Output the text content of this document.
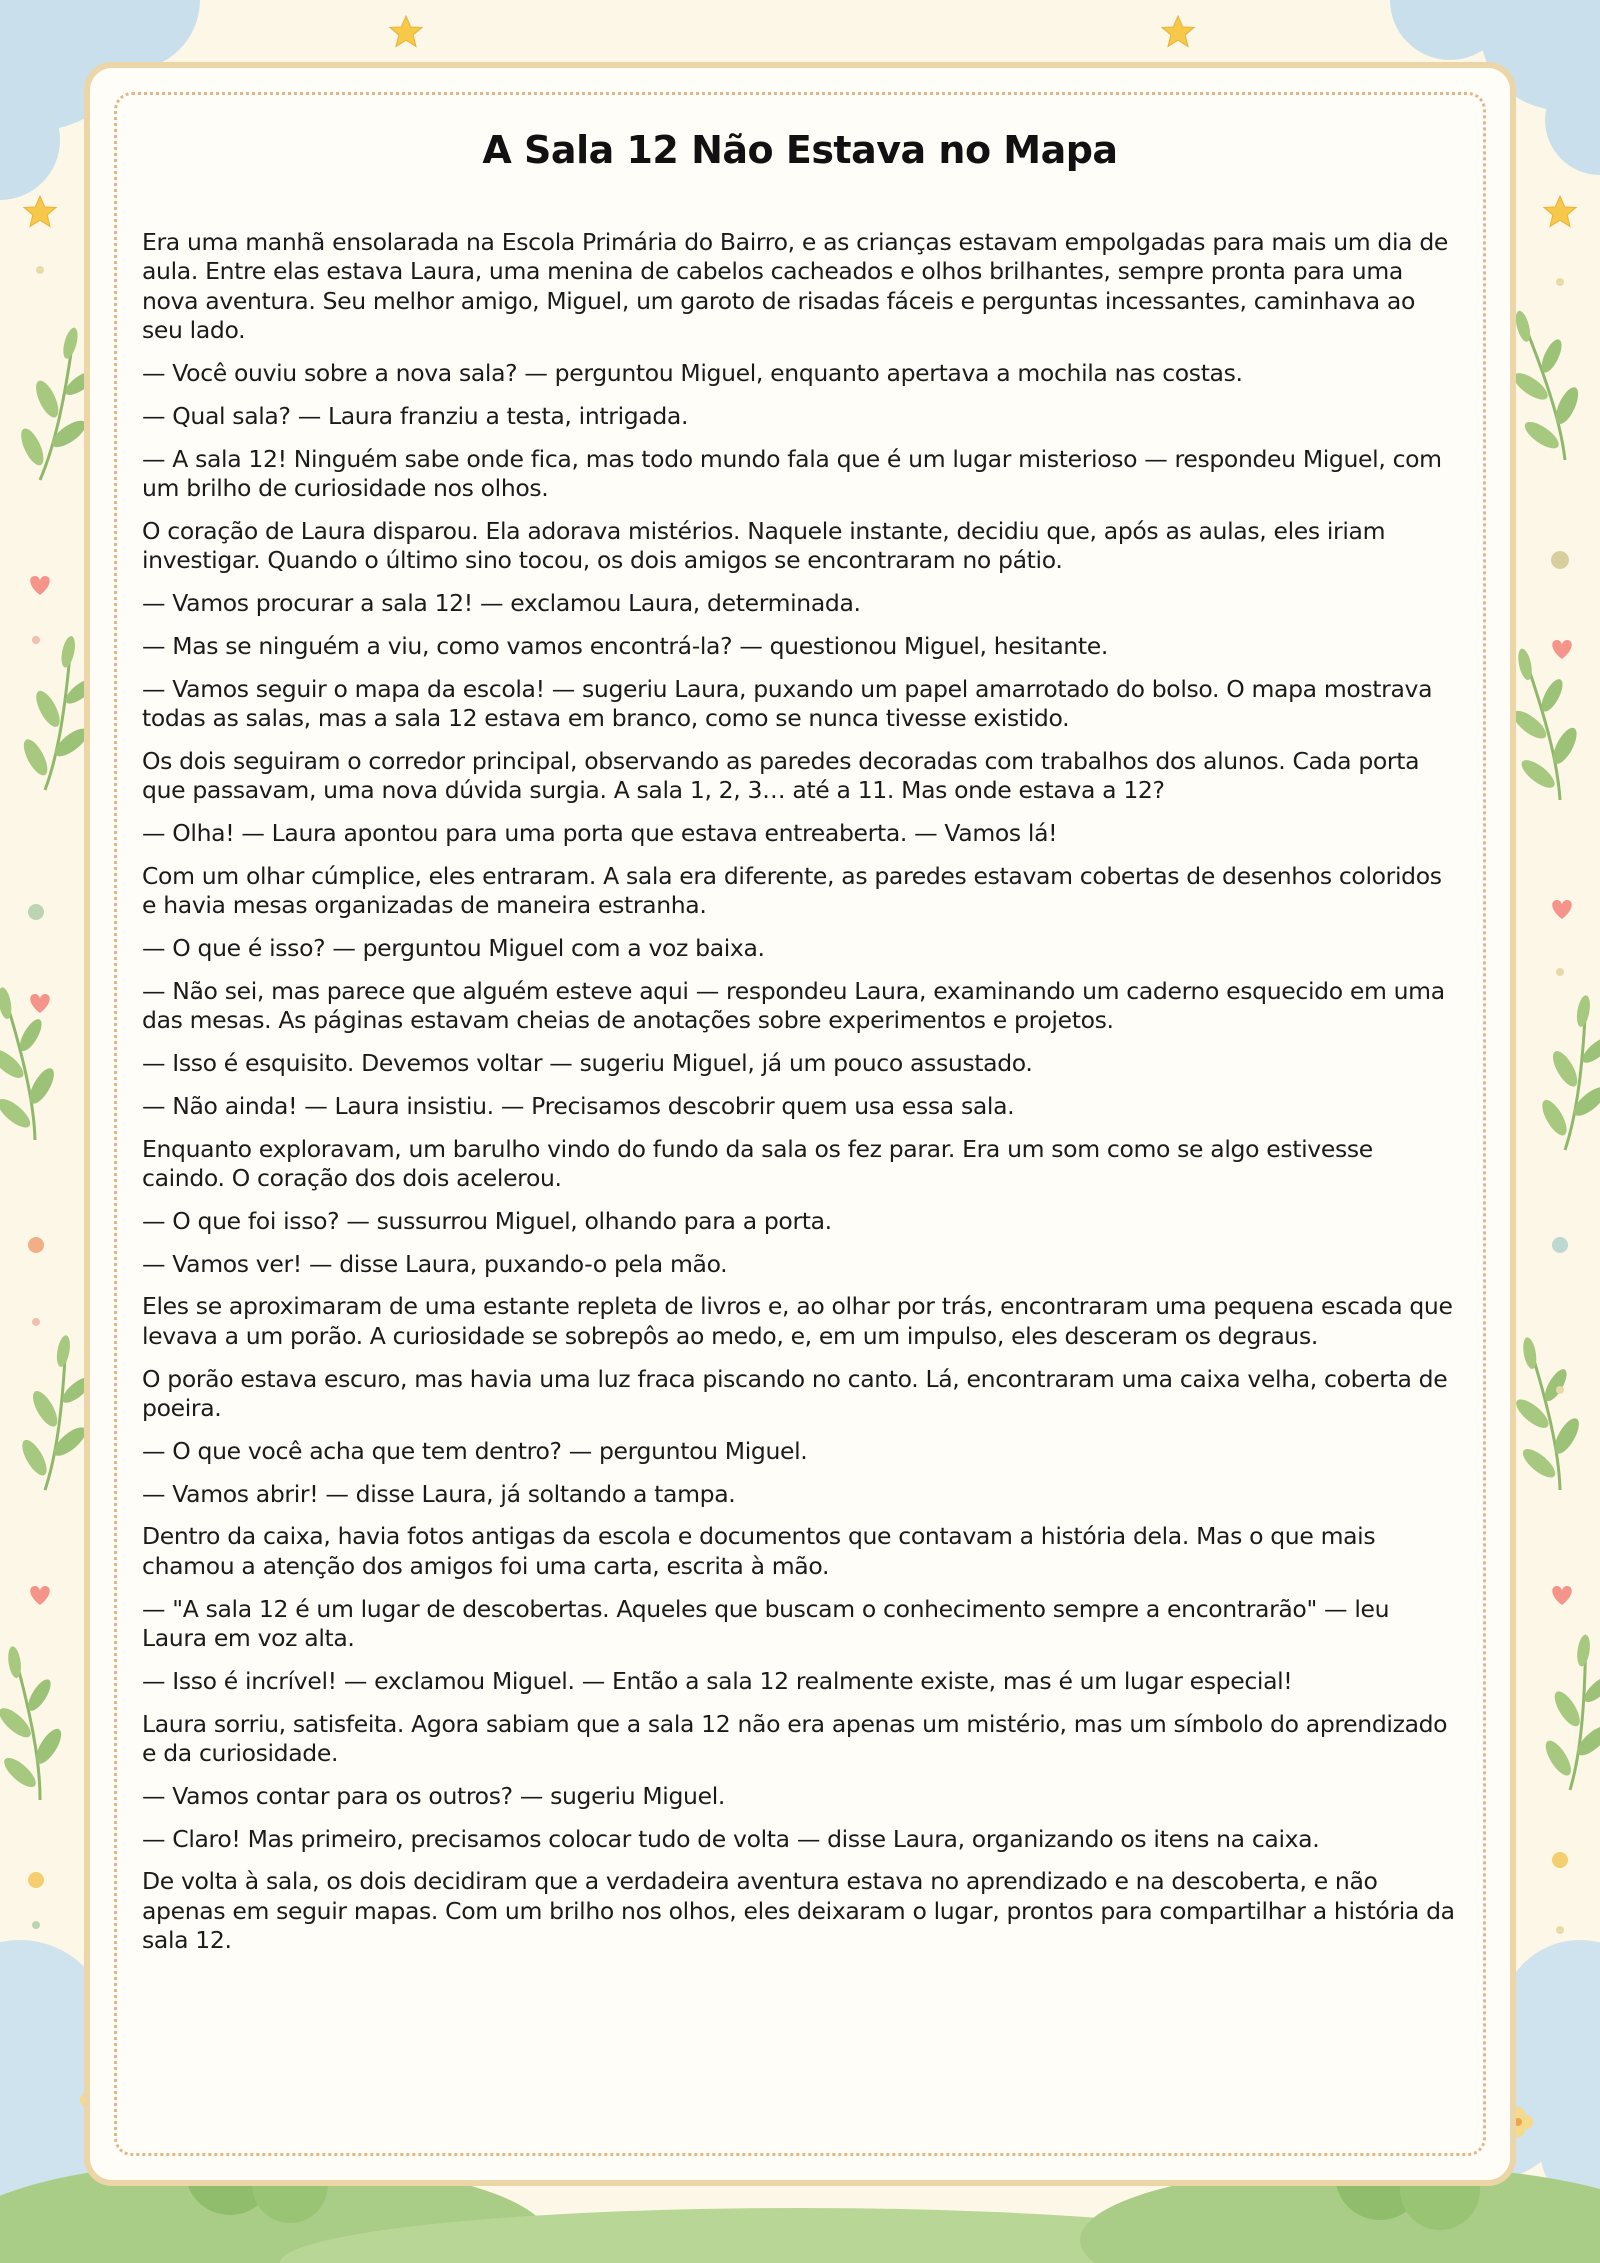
A Sala 12 Não Estava no Mapa

Era uma manhã ensolarada na Escola Primária do Bairro, e as crianças estavam empolgadas para mais um dia de aula. Entre elas estava Laura, uma menina de cabelos cacheados e olhos brilhantes, sempre pronta para uma nova aventura. Seu melhor amigo, Miguel, um garoto de risadas fáceis e perguntas incessantes, caminhava ao seu lado.

— Você ouviu sobre a nova sala? — perguntou Miguel, enquanto apertava a mochila nas costas.

— Qual sala? — Laura franziu a testa, intrigada.

— A sala 12! Ninguém sabe onde fica, mas todo mundo fala que é um lugar misterioso — respondeu Miguel, com um brilho de curiosidade nos olhos.

O coração de Laura disparou. Ela adorava mistérios. Naquele instante, decidiu que, após as aulas, eles iriam investigar. Quando o último sino tocou, os dois amigos se encontraram no pátio.

— Vamos procurar a sala 12! — exclamou Laura, determinada.

— Mas se ninguém a viu, como vamos encontrá-la? — questionou Miguel, hesitante.

— Vamos seguir o mapa da escola! — sugeriu Laura, puxando um papel amarrotado do bolso. O mapa mostrava todas as salas, mas a sala 12 estava em branco, como se nunca tivesse existido.

Os dois seguiram o corredor principal, observando as paredes decoradas com trabalhos dos alunos. Cada porta que passavam, uma nova dúvida surgia. A sala 1, 2, 3… até a 11. Mas onde estava a 12?

— Olha! — Laura apontou para uma porta que estava entreaberta. — Vamos lá!

Com um olhar cúmplice, eles entraram. A sala era diferente, as paredes estavam cobertas de desenhos coloridos e havia mesas organizadas de maneira estranha.

— O que é isso? — perguntou Miguel com a voz baixa.

— Não sei, mas parece que alguém esteve aqui — respondeu Laura, examinando um caderno esquecido em uma das mesas. As páginas estavam cheias de anotações sobre experimentos e projetos.

— Isso é esquisito. Devemos voltar — sugeriu Miguel, já um pouco assustado.

— Não ainda! — Laura insistiu. — Precisamos descobrir quem usa essa sala.

Enquanto exploravam, um barulho vindo do fundo da sala os fez parar. Era um som como se algo estivesse caindo. O coração dos dois acelerou.

— O que foi isso? — sussurrou Miguel, olhando para a porta.

— Vamos ver! — disse Laura, puxando-o pela mão.

Eles se aproximaram de uma estante repleta de livros e, ao olhar por trás, encontraram uma pequena escada que levava a um porão. A curiosidade se sobrepôs ao medo, e, em um impulso, eles desceram os degraus.

O porão estava escuro, mas havia uma luz fraca piscando no canto. Lá, encontraram uma caixa velha, coberta de poeira.

— O que você acha que tem dentro? — perguntou Miguel.

— Vamos abrir! — disse Laura, já soltando a tampa.

Dentro da caixa, havia fotos antigas da escola e documentos que contavam a história dela. Mas o que mais chamou a atenção dos amigos foi uma carta, escrita à mão.

— "A sala 12 é um lugar de descobertas. Aqueles que buscam o conhecimento sempre a encontrarão" — leu Laura em voz alta.

— Isso é incrível! — exclamou Miguel. — Então a sala 12 realmente existe, mas é um lugar especial!

Laura sorriu, satisfeita. Agora sabiam que a sala 12 não era apenas um mistério, mas um símbolo do aprendizado e da curiosidade.

— Vamos contar para os outros? — sugeriu Miguel.

— Claro! Mas primeiro, precisamos colocar tudo de volta — disse Laura, organizando os itens na caixa.

De volta à sala, os dois decidiram que a verdadeira aventura estava no aprendizado e na descoberta, e não apenas em seguir mapas. Com um brilho nos olhos, eles deixaram o lugar, prontos para compartilhar a história da sala 12.
